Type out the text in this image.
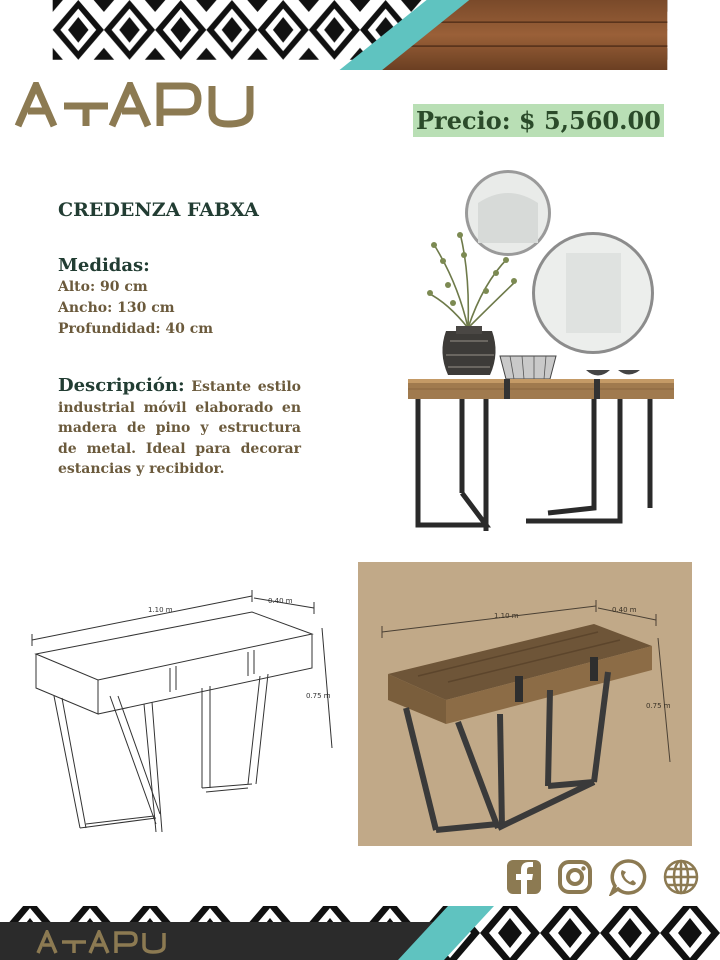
Precio: $ 5,560.00
CREDENZA FABXA
Medidas:
Alto: 90 cm
Ancho: 130 cm
Profundidad: 40 cm
Descripción: Estante estilo industrial móvil elaborado en madera de pino y estructura de metal. Ideal para decorar estancias y recibidor.
1.10 m
0.40 m
0.75 m
1.10 m
0.40 m
0.75 m
